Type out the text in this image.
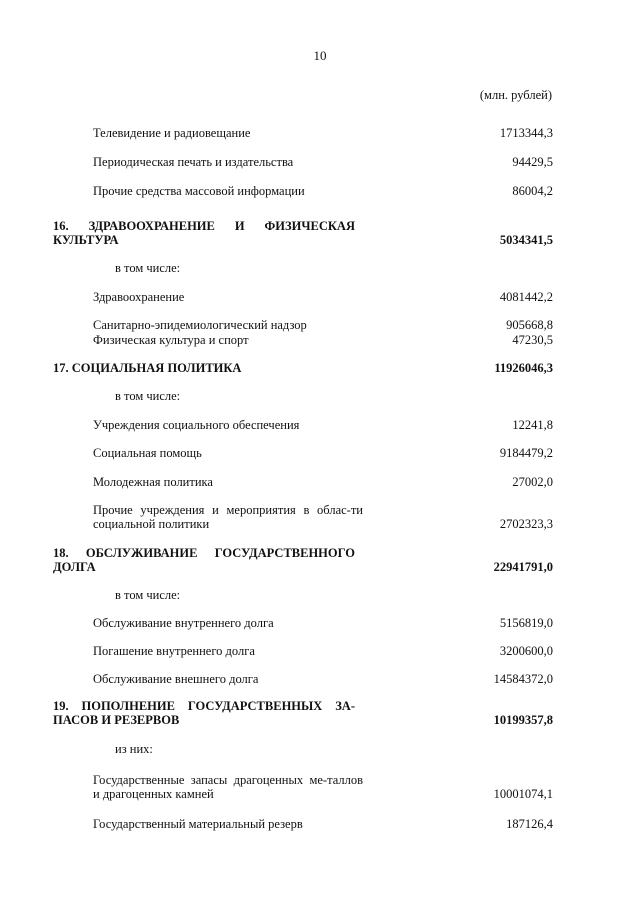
10
(млн. рублей)
Телевидение и радиовещание	1713344,3
Периодическая печать и издательства	94429,5
Прочие средства массовой информации	86004,2
16. ЗДРАВООХРАНЕНИЕ И ФИЗИЧЕСКАЯ КУЛЬТУРА	5034341,5
в том числе:
Здравоохранение	4081442,2
Санитарно-эпидемиологический надзор	905668,8
Физическая культура и спорт	47230,5
17. СОЦИАЛЬНАЯ ПОЛИТИКА	11926046,3
в том числе:
Учреждения социального обеспечения	12241,8
Социальная помощь	9184479,2
Молодежная политика	27002,0
Прочие учреждения и мероприятия в облас-ти социальной политики	2702323,3
18. ОБСЛУЖИВАНИЕ ГОСУДАРСТВЕННОГО ДОЛГА	22941791,0
в том числе:
Обслуживание внутреннего долга	5156819,0
Погашение внутреннего долга	3200600,0
Обслуживание внешнего долга	14584372,0
19. ПОПОЛНЕНИЕ ГОСУДАРСТВЕННЫХ ЗА-ПАСОВ И РЕЗЕРВОВ	10199357,8
из них:
Государственные запасы драгоценных ме-таллов и драгоценных камней	10001074,1
Государственный материальный резерв	187126,4
